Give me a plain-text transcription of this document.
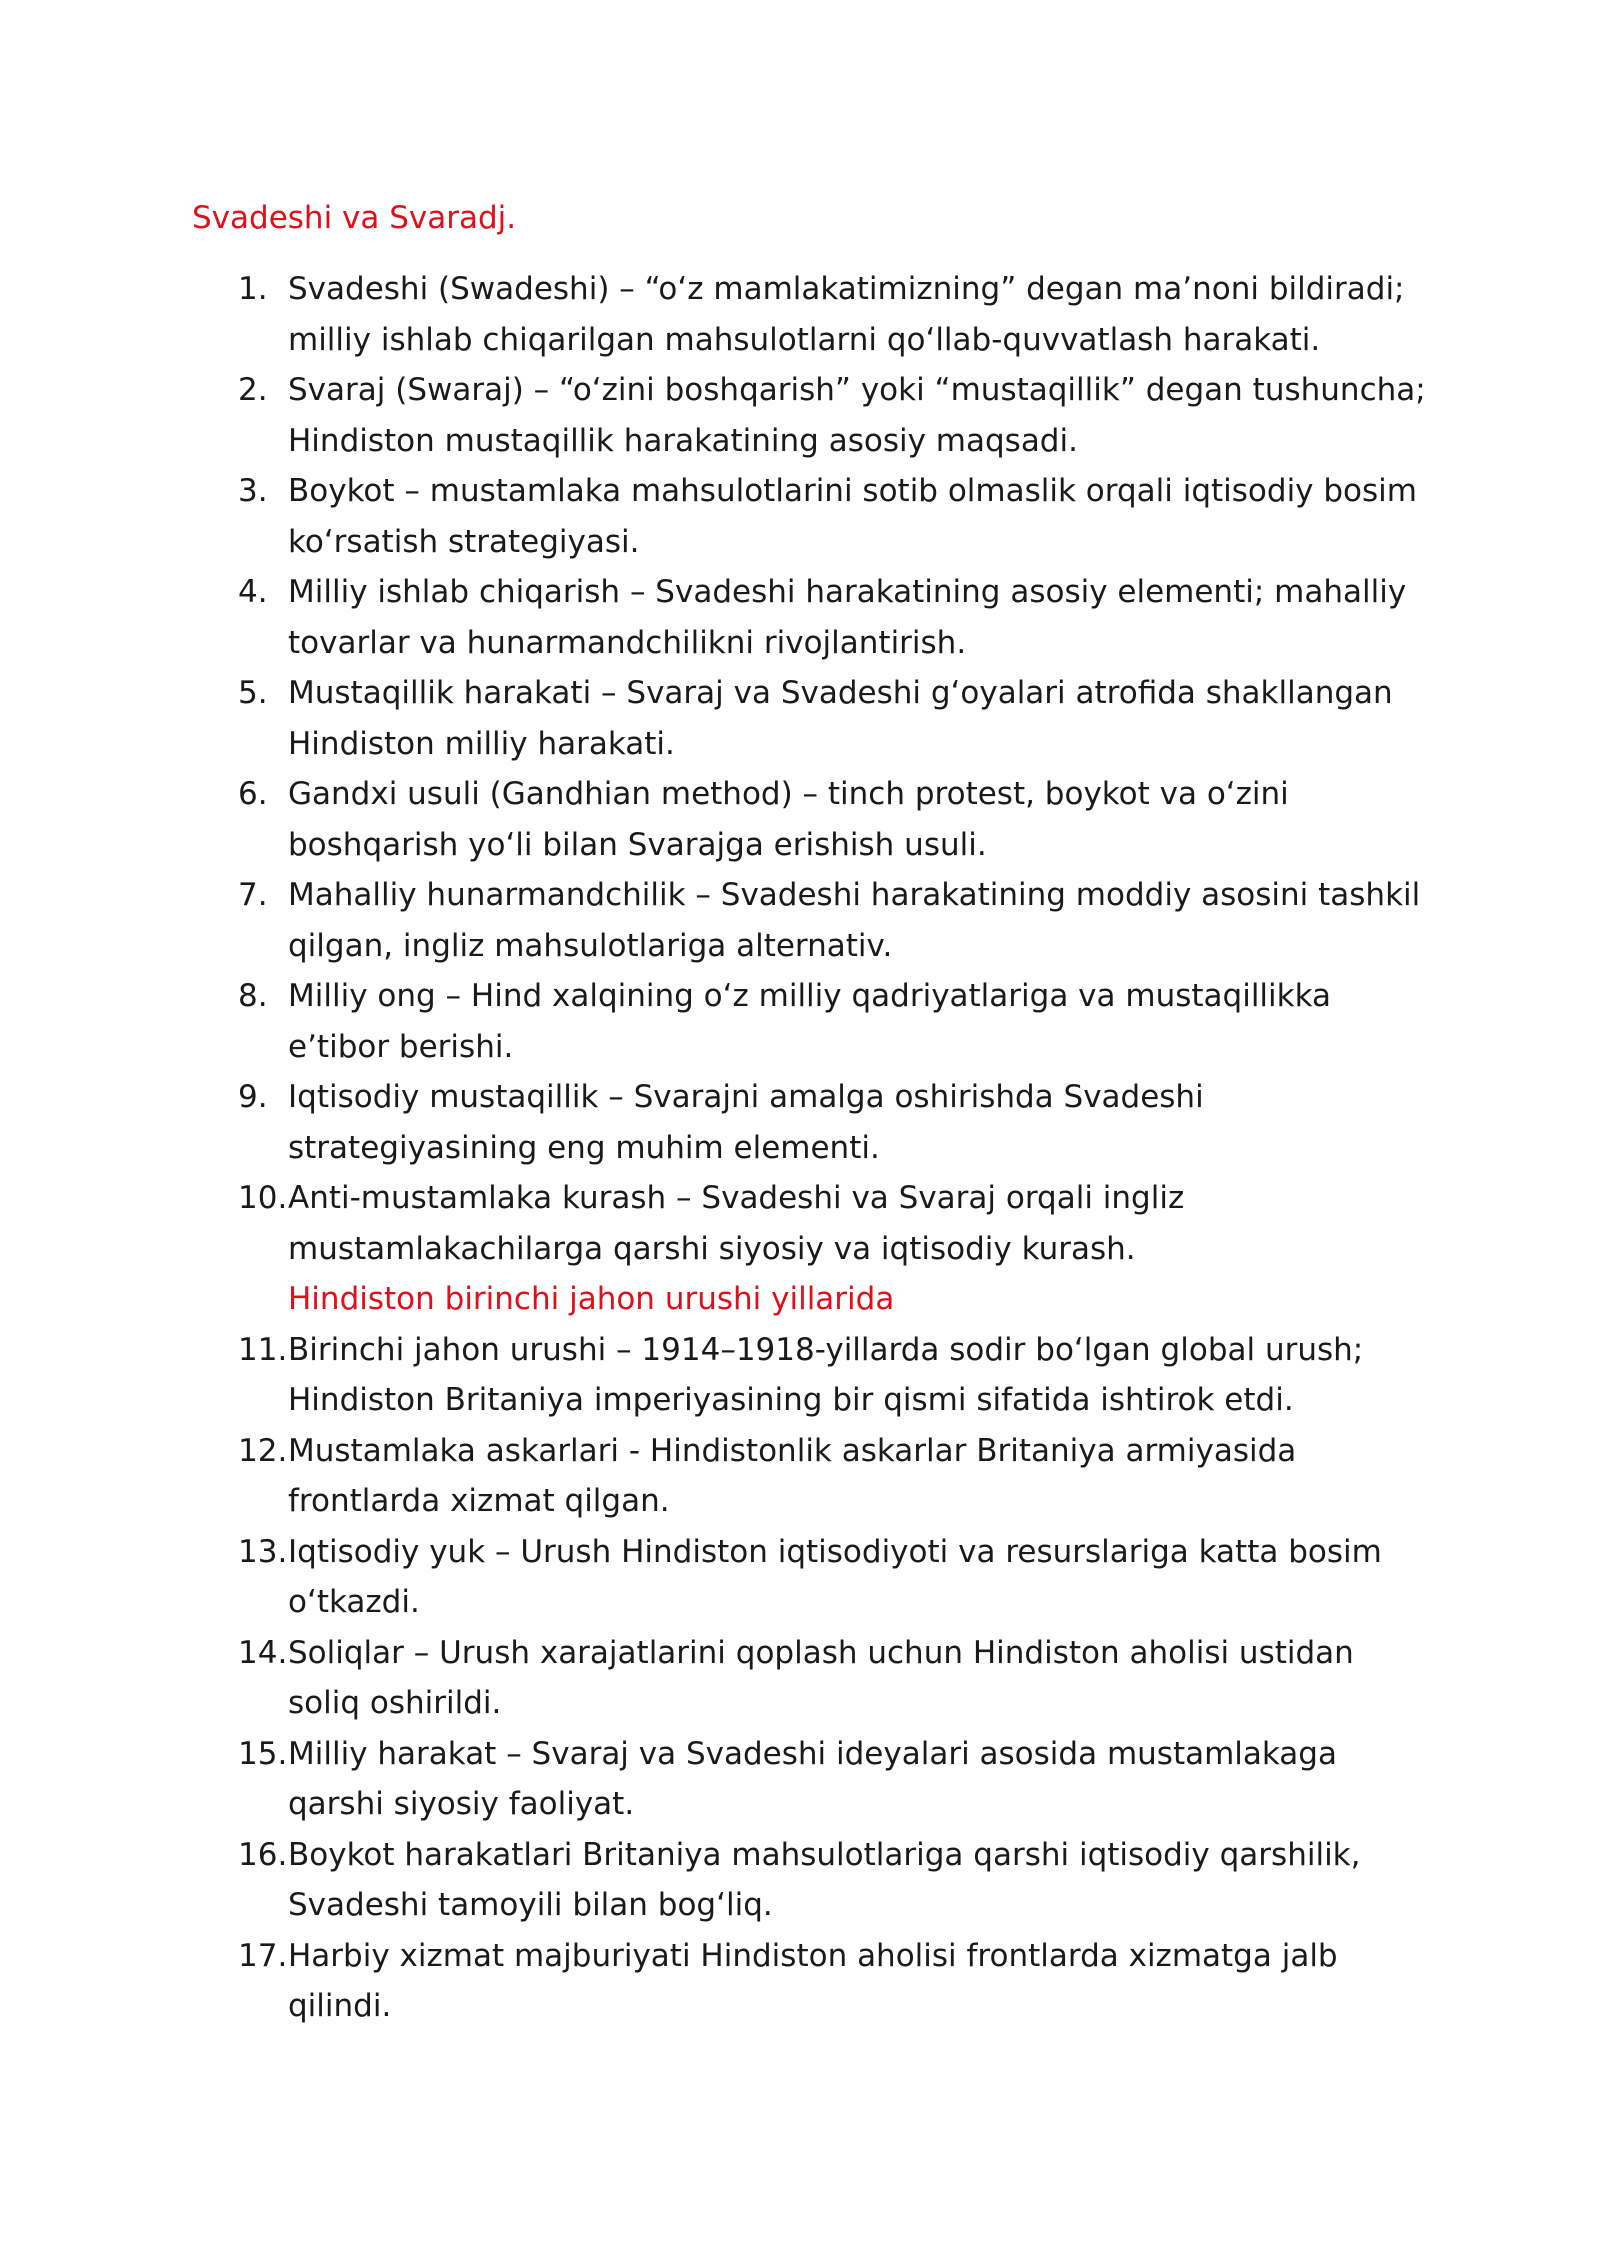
Svadeshi va Svaradj.
1. Svadeshi (Swadeshi) – “o‘z mamlakatimizning” degan ma’noni bildiradi; milliy ishlab chiqarilgan mahsulotlarni qo‘llab-quvvatlash harakati.
2. Svaraj (Swaraj) – “o‘zini boshqarish” yoki “mustaqillik” degan tushuncha; Hindiston mustaqillik harakatining asosiy maqsadi.
3. Boykot – mustamlaka mahsulotlarini sotib olmaslik orqali iqtisodiy bosim ko‘rsatish strategiyasi.
4. Milliy ishlab chiqarish – Svadeshi harakatining asosiy elementi; mahalliy tovarlar va hunarmandchilikni rivojlantirish.
5. Mustaqillik harakati – Svaraj va Svadeshi g‘oyalari atrofida shakllangan Hindiston milliy harakati.
6. Gandxi usuli (Gandhian method) – tinch protest, boykot va o‘zini boshqarish yo‘li bilan Svarajga erishish usuli.
7. Mahalliy hunarmandchilik – Svadeshi harakatining moddiy asosini tashkil qilgan, ingliz mahsulotlariga alternativ.
8. Milliy ong – Hind xalqining o‘z milliy qadriyatlariga va mustaqillikka e’tibor berishi.
9. Iqtisodiy mustaqillik – Svarajni amalga oshirishda Svadeshi strategiyasining eng muhim elementi.
10. Anti-mustamlaka kurash – Svadeshi va Svaraj orqali ingliz mustamlakachilarga qarshi siyosiy va iqtisodiy kurash.
Hindiston birinchi jahon urushi yillarida
11. Birinchi jahon urushi – 1914–1918-yillarda sodir bo‘lgan global urush; Hindiston Britaniya imperiyasining bir qismi sifatida ishtirok etdi.
12. Mustamlaka askarlari - Hindistonlik askarlar Britaniya armiyasida frontlarda xizmat qilgan.
13. Iqtisodiy yuk – Urush Hindiston iqtisodiyoti va resurslariga katta bosim o‘tkazdi.
14. Soliqlar – Urush xarajatlarini qoplash uchun Hindiston aholisi ustidan soliq oshirildi.
15. Milliy harakat – Svaraj va Svadeshi ideyalari asosida mustamlakaga qarshi siyosiy faoliyat.
16. Boykot harakatlari Britaniya mahsulotlariga qarshi iqtisodiy qarshilik, Svadeshi tamoyili bilan bog‘liq.
17. Harbiy xizmat majburiyati Hindiston aholisi frontlarda xizmatga jalb qilindi.
